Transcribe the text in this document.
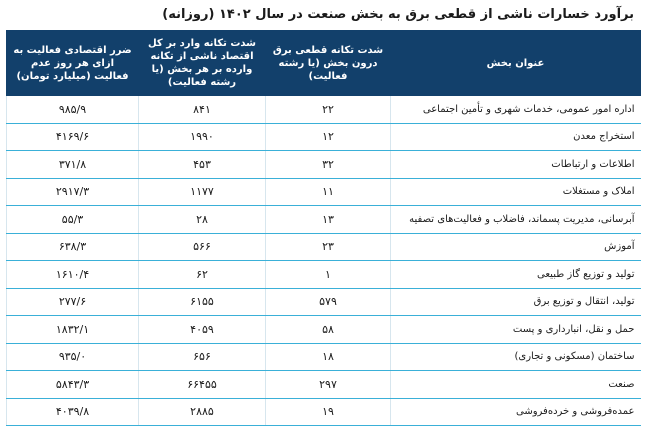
برآورد خسارات ناشی از قطعی برق به بخش صنعت در سال ۱۴۰۲ (روزانه)
عنوان بخش	شدت تکانه قطعی برق درون بخش (یا رشته فعالیت)	شدت تکانه وارد بر کل اقتصاد ناشی از تکانه وارده بر هر بخش (یا رشته فعالیت)	ضرر اقتصادی فعالیت به ازای هر روز عدم فعالیت (میلیارد تومان)
اداره امور عمومی، خدمات شهری و تأمین اجتماعی	۲۲	۸۴۱	۹۸۵/۹
استخراج معدن	۱۲	۱۹۹۰	۴۱۶۹/۶
اطلاعات و ارتباطات	۳۲	۴۵۳	۳۷۱/۸
املاک و مستغلات	۱۱	۱۱۷۷	۲۹۱۷/۳
آبرسانی، مدیریت پسماند، فاضلاب و فعالیت‌های تصفیه	۱۳	۲۸	۵۵/۳
آموزش	۲۳	۵۶۶	۶۳۸/۳
تولید و توزیع گاز طبیعی	۱	۶۲	۱۶۱۰/۴
تولید، انتقال و توزیع برق	۵۷۹	۶۱۵۵	۲۷۷/۶
حمل و نقل، انبارداری و پست	۵۸	۴۰۵۹	۱۸۳۲/۱
ساختمان (مسکونی و تجاری)	۱۸	۶۵۶	۹۳۵/۰
صنعت	۲۹۷	۶۶۴۵۵	۵۸۴۳/۳
عمده‌فروشی و خرده‌فروشی	۱۹	۲۸۸۵	۴۰۳۹/۸
